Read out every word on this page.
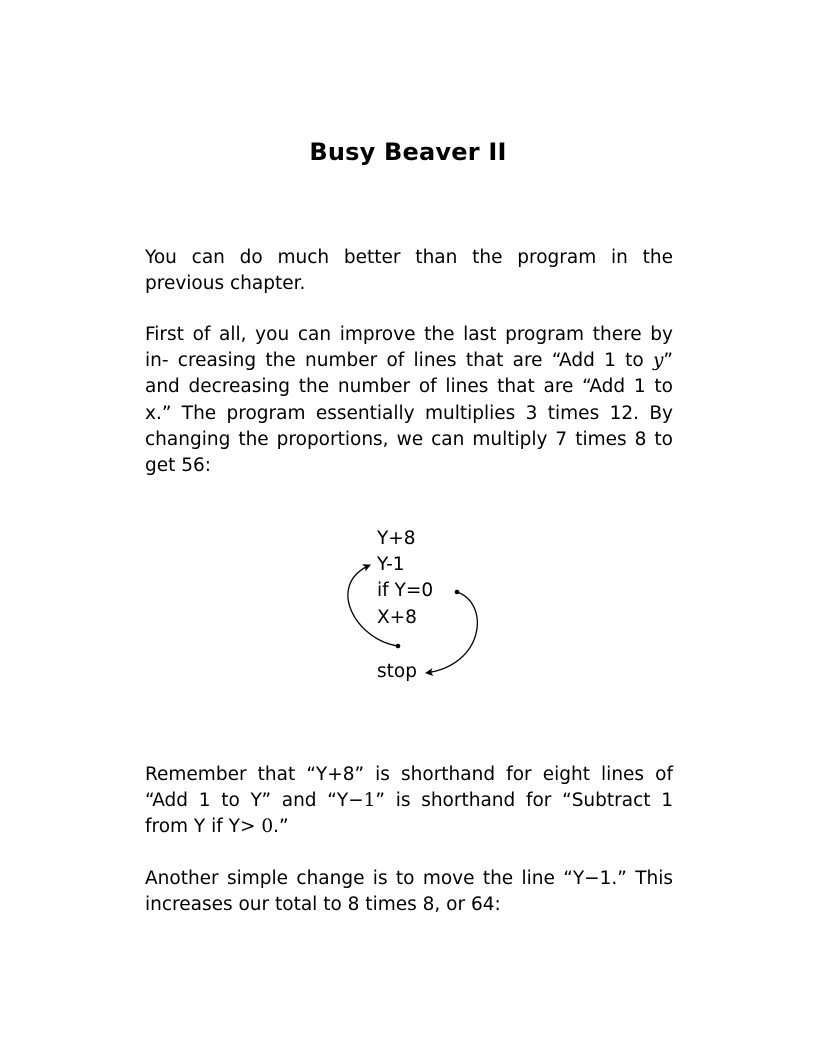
Busy Beaver II

You can do much better than the program in the previous chapter.

First of all, you can improve the last program there by in- creasing the number of lines that are “Add 1 to y” and decreasing the number of lines that are “Add 1 to x.” The program essentially multiplies 3 times 12. By changing the proportions, we can multiply 7 times 8 to get 56:

Y+8

Y-1

if Y=0

X+8

stop

Remember that “Y+8” is shorthand for eight lines of “Add 1 to Y” and “Y−1” is shorthand for “Subtract 1 from Y if Y> 0.”

Another simple change is to move the line “Y−1.” This increases our total to 8 times 8, or 64:
